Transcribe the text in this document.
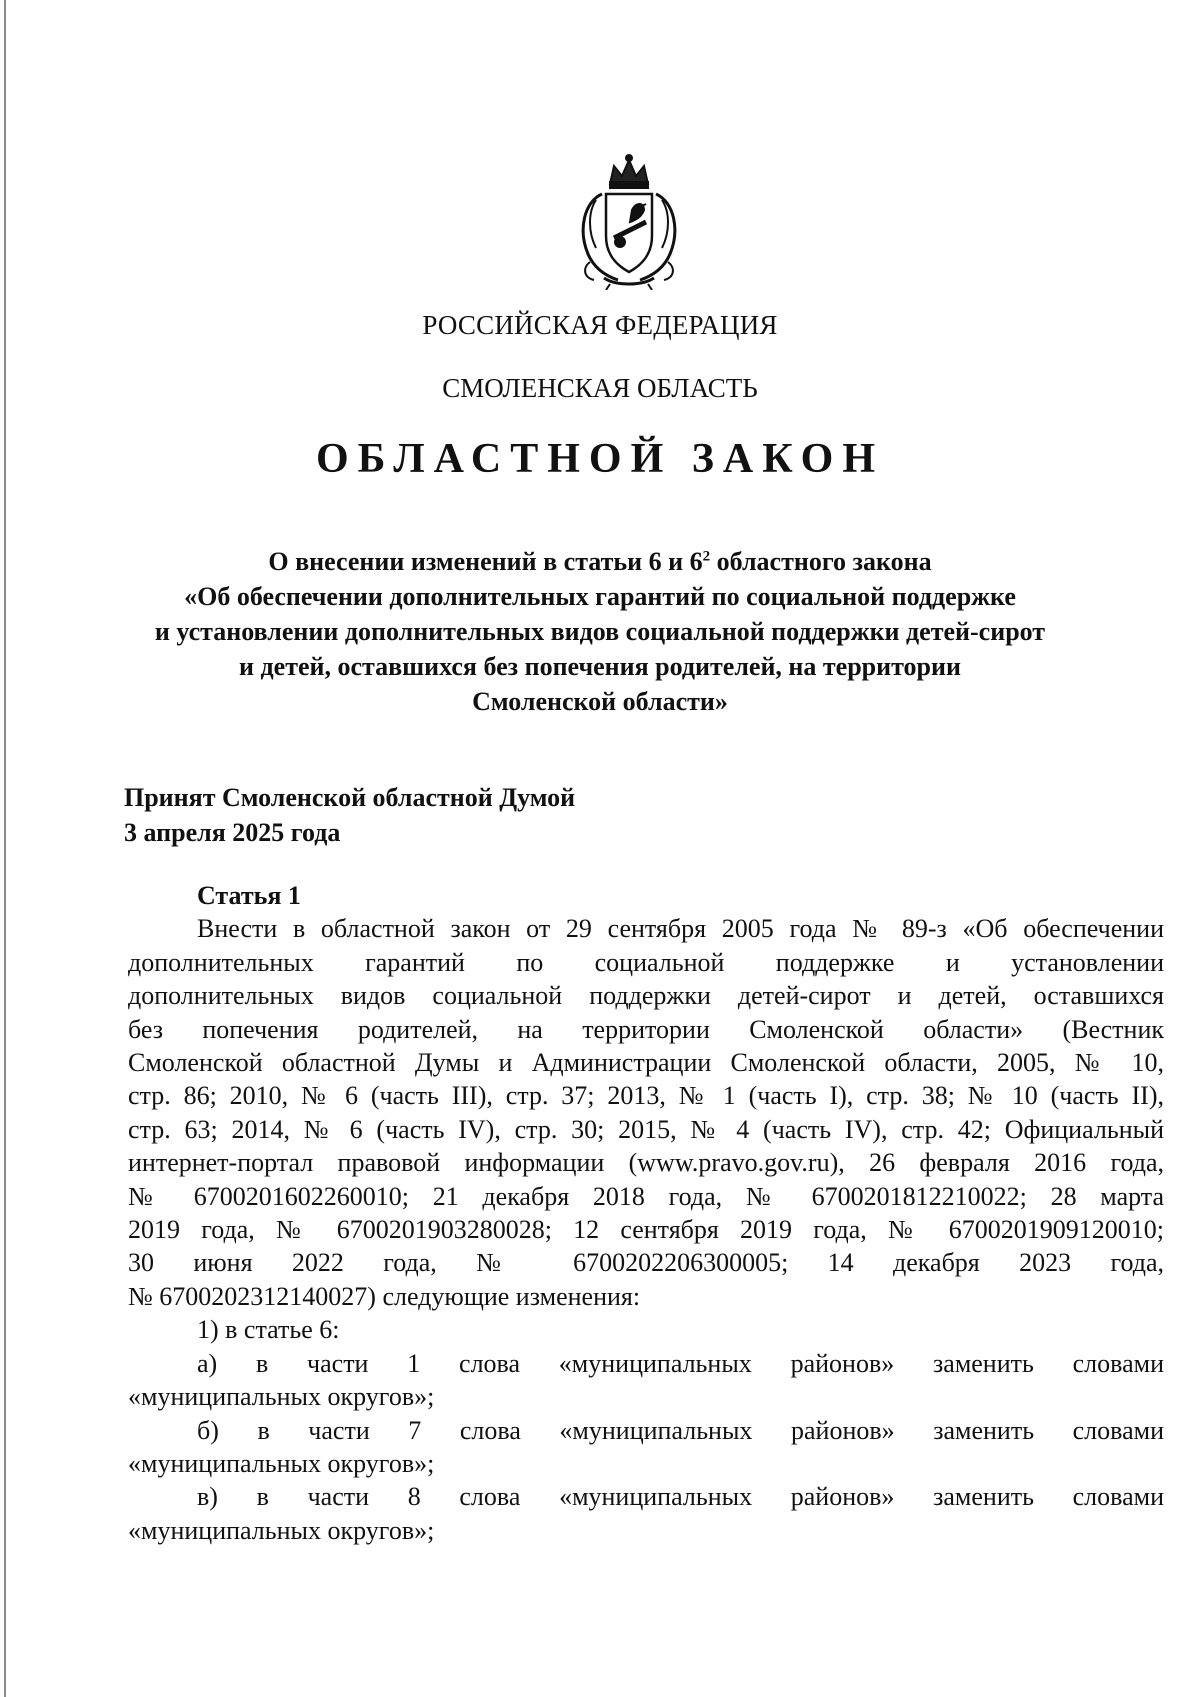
РОССИЙСКАЯ ФЕДЕРАЦИЯ
СМОЛЕНСКАЯ ОБЛАСТЬ
ОБЛАСТНОЙ ЗАКОН
О внесении изменений в статьи 6 и $6^2$ областного закона
«Об обеспечении дополнительных гарантий по социальной поддержке
и установлении дополнительных видов социальной поддержки детей-сирот
и детей, оставшихся без попечения родителей, на территории
Смоленской области»
Принят Смоленской областной Думой
3 апреля 2025 года
Статья 1
Внести в областной закон от 29 сентября 2005 года № 89-з «Об обеспечении
дополнительных гарантий по социальной поддержке и установлении
дополнительных видов социальной поддержки детей-сирот и детей, оставшихся
без попечения родителей, на территории Смоленской области» (Вестник
Смоленской областной Думы и Администрации Смоленской области, 2005, № 10,
стр. 86; 2010, № 6 (часть III), стр. 37; 2013, № 1 (часть I), стр. 38; № 10 (часть II),
стр. 63; 2014, № 6 (часть IV), стр. 30; 2015, № 4 (часть IV), стр. 42; Официальный
интернет-портал правовой информации (www.pravo.gov.ru), 26 февраля 2016 года,
№ 6700201602260010; 21 декабря 2018 года, № 6700201812210022; 28 марта
2019 года, № 6700201903280028; 12 сентября 2019 года, № 6700201909120010;
30 июня 2022 года, № 6700202206300005; 14 декабря 2023 года,
№ 6700202312140027) следующие изменения:
1) в статье 6:
а) в части 1 слова «муниципальных районов» заменить словами
«муниципальных округов»;
б) в части 7 слова «муниципальных районов» заменить словами
«муниципальных округов»;
в) в части 8 слова «муниципальных районов» заменить словами
«муниципальных округов»;
